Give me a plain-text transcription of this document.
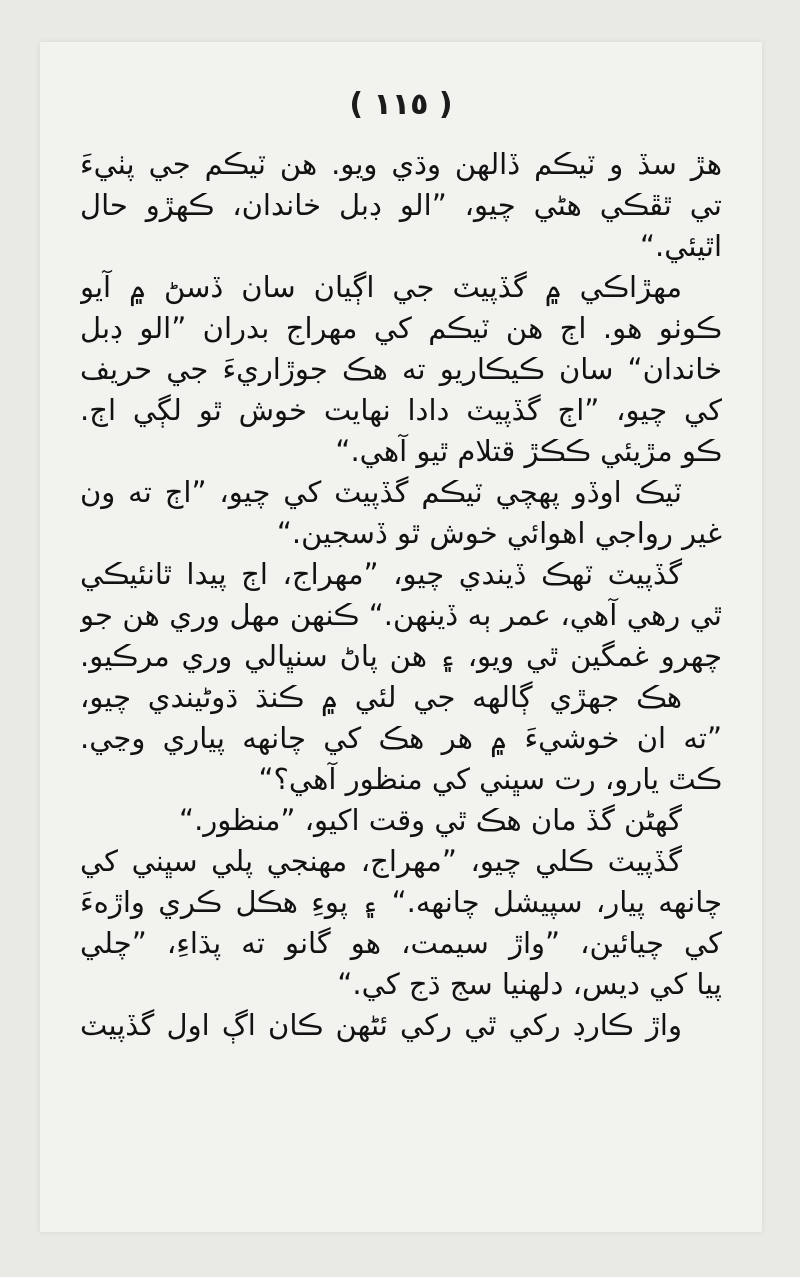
( ١١٥ )
هڙ سڏ و ٽيڪم ڏالهن وڌي ويو. هن ٽيڪم جي پٺيءَ
تي ٿڦڪي هڻي چيو، ”الو ڊبل خاندان، ڪهڙو حال
اٿيئي.“
مهڙاڪي ۾ گڏپيٽ جي اڳيان سان ڏسڻ ۾ آيو
ڪوٺو هو. اڄ هن ٽيڪم کي مهراج بدران ”الو ڊبل
خاندان“ سان ڪيڪاريو ته هڪ جوڙاريءَ جي حريف
کي چيو، ”اڄ گڏپيٽ دادا نهايت خوش ٿو لڳي اڄ.
ڪو مڙيئي ڪڪڙ قتلام ٿيو آهي.“
ٽيڪ اوڏو پهچي ٽيڪم گڏپيٽ کي چيو، ”اڄ ته ون
غير رواجي اهوائي خوش ٿو ڏسجين.“
گڏپيٽ ٽهڪ ڏيندي چيو، ”مهراج، اڄ پيدا ٿانئيڪي
ٿي رهي آهي، عمر ٻه ڏينهن.“ ڪنهن مهل وري هن جو
چهرو غمگين ٿي ويو، ۽ هن پاڻ سنڀالي وري مرڪيو.
هڪ جهڙي ڳالهه جي لئي ۾ ڪنڌ ڌوڻيندي چيو،
”ته ان خوشيءَ ۾ هر هڪ کي چانهه پياري وڃي.
ڪٿ يارو، رت سڀني کي منظور آهي؟“
گهڻن گڏ مان هڪ ٿي وقت اکيو، ”منظور.“
گڏپيٽ ڪلي چيو، ”مهراج، مهنجي پلي سڀني کي
چانهه پيار، سپيشل چانهه.“ ۽ پوءِ هڪل ڪري واڙهءَ
کي چيائين، ”واڙ سيمت، هو گانو ته پڌاءِ، ”چلي
پيا کي ديس، دلهنيا سج ڌج کي.“
واڙ ڪارڊ رکي ٿي رکي ئڻهن ڪان اڳ اول گڏپيٽ
